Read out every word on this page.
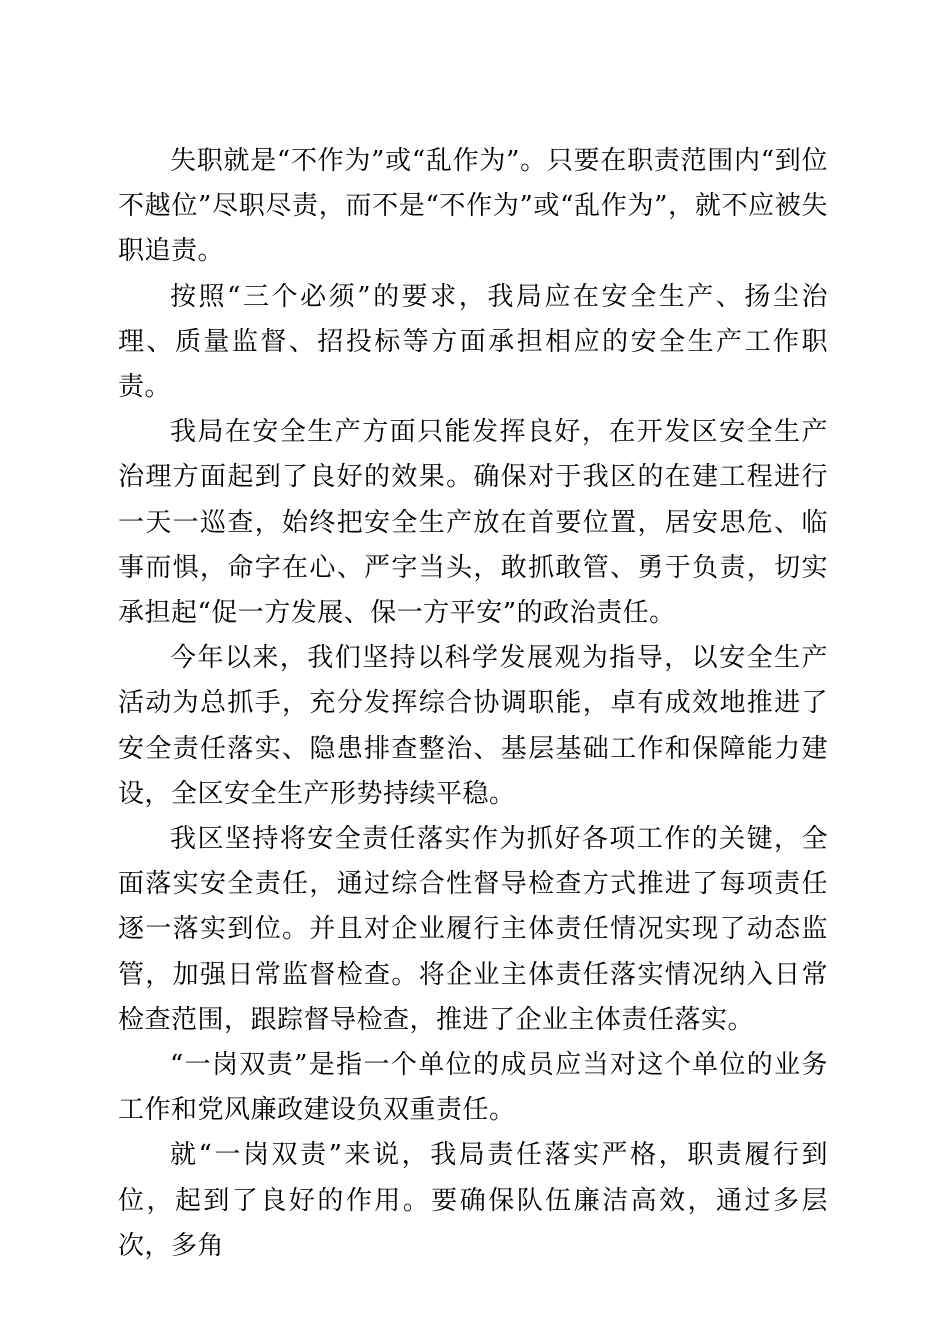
失职就是“不作为”或“乱作为”。只要在职责范围内“到位不越位”尽职尽责，而不是“不作为”或“乱作为”，就不应被失职追责。

按照“三个必须”的要求，我局应在安全生产、扬尘治理、质量监督、招投标等方面承担相应的安全生产工作职责。

我局在安全生产方面只能发挥良好，在开发区安全生产治理方面起到了良好的效果。确保对于我区的在建工程进行一天一巡查，始终把安全生产放在首要位置，居安思危、临事而惧，命字在心、严字当头，敢抓敢管、勇于负责，切实承担起“促一方发展、保一方平安”的政治责任。

今年以来，我们坚持以科学发展观为指导，以安全生产活动为总抓手，充分发挥综合协调职能，卓有成效地推进了安全责任落实、隐患排查整治、基层基础工作和保障能力建设，全区安全生产形势持续平稳。

我区坚持将安全责任落实作为抓好各项工作的关键，全面落实安全责任，通过综合性督导检查方式推进了每项责任逐一落实到位。并且对企业履行主体责任情况实现了动态监管，加强日常监督检查。将企业主体责任落实情况纳入日常检查范围，跟踪督导检查，推进了企业主体责任落实。

“一岗双责”是指一个单位的成员应当对这个单位的业务工作和党风廉政建设负双重责任。

就“一岗双责”来说，我局责任落实严格，职责履行到位，起到了良好的作用。要确保队伍廉洁高效，通过多层次，多角
